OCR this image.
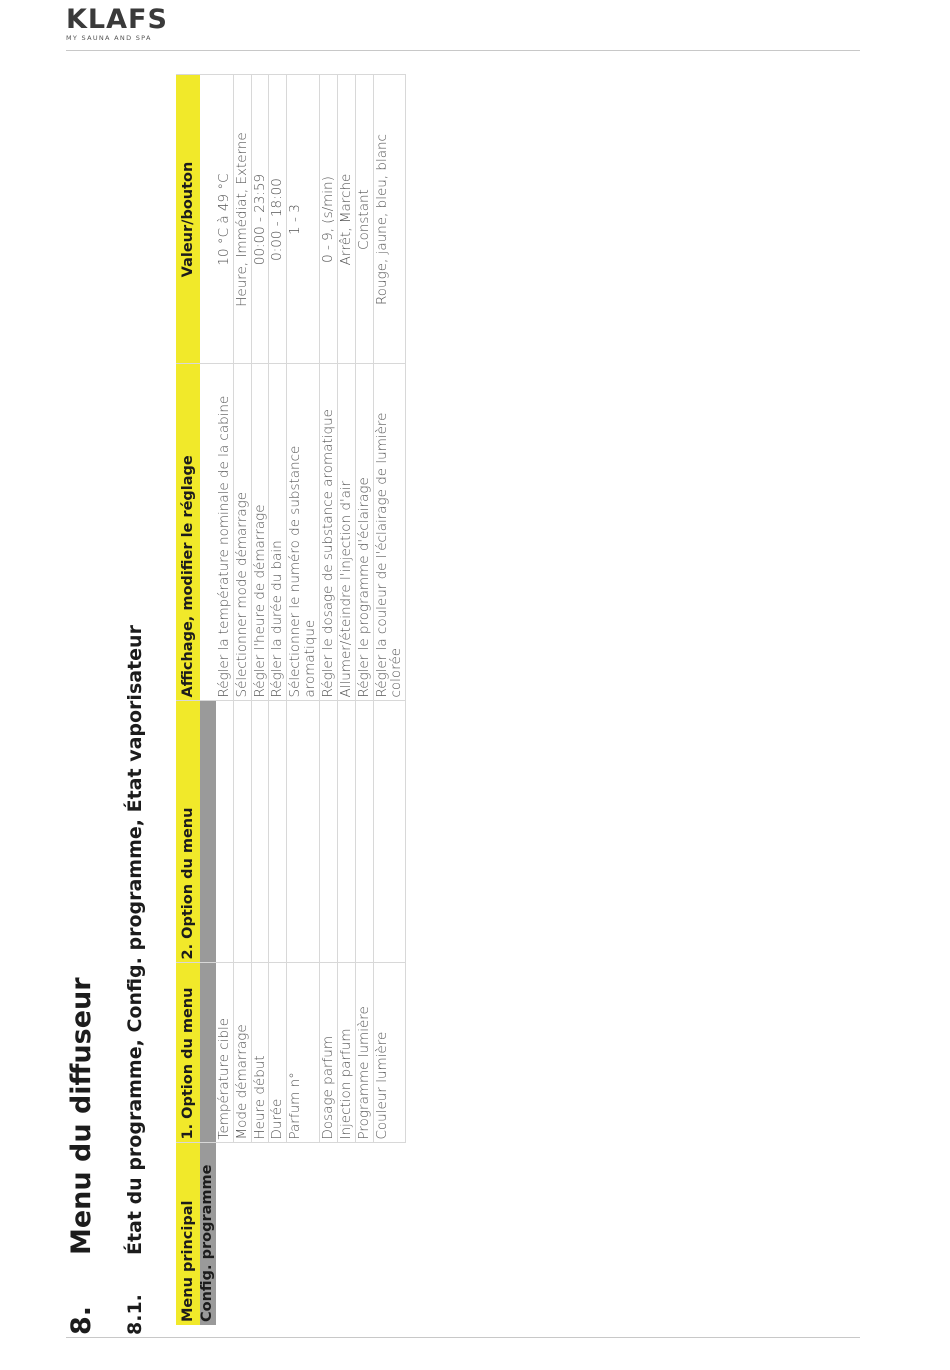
KLAFS
MY SAUNA AND SPA
8.
Menu du diffuseur
8.1.
État du programme, Config. programme, État vaporisateur
Menu principal	1. Option du menu	2. Option du menu	Affichage, modifier le réglage	Valeur/bouton
Config. programme				
	Température cible		Régler la température nominale de la cabine	10 °C à 49 °C
	Mode démarrage		Sélectionner mode démarrage	Heure, Immédiat, Externe
	Heure début		Régler l'heure de démarrage	00:00 - 23:59
	Durée		Régler la durée du bain	0:00 - 18:00
	Parfum n°		Sélectionner le numéro de substance aromatique	1 - 3
	Dosage parfum		Régler le dosage de substance aromatique	0 - 9, (s/min)
	Injection parfum		Allumer/éteindre l'injection d'air	Arrêt, Marche
	Programme lumière		Régler le programme d'éclairage	Constant
	Couleur lumière		Régler la couleur de l'éclairage de lumière colorée	Rouge, jaune, bleu, blanc
